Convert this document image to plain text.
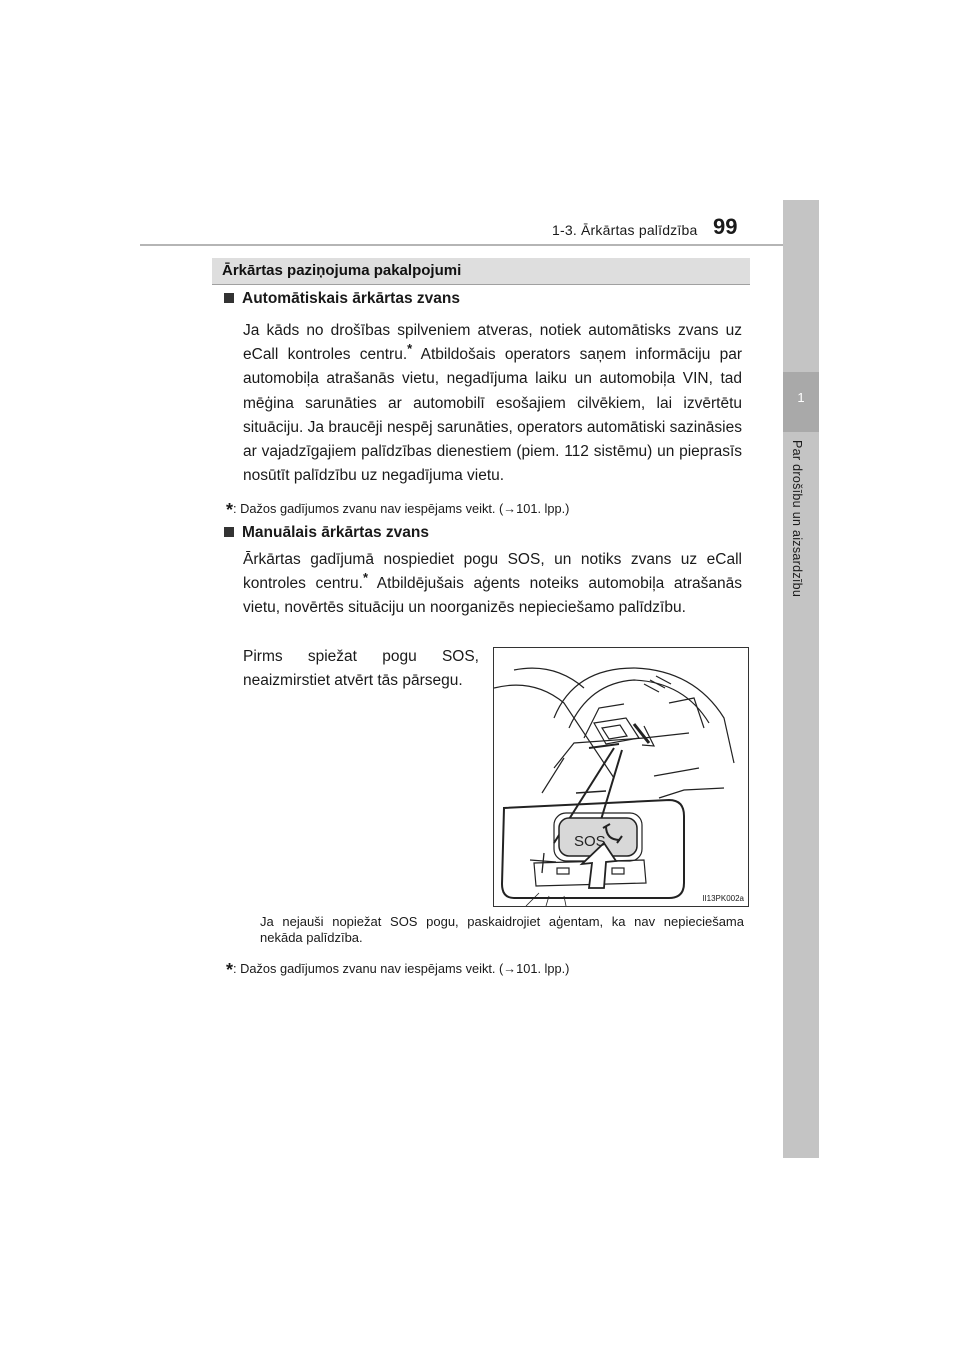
1-3. Ārkārtas palīdzība 99
1
Par drošību un aizsardzību
Ārkārtas paziņojuma pakalpojumi
Automātiskais ārkārtas zvans
Ja kāds no drošības spilveniem atveras, notiek automātisks zvans uz eCall kontroles centru.* Atbildošais operators saņem informāciju par automobiļa atrašanās vietu, negadījuma laiku un automobiļa VIN, tad mēģina sarunāties ar automobilī esošajiem cilvēkiem, lai izvērtētu situāciju. Ja braucēji nespēj sarunāties, operators automātiski sazināsies ar vajadzīgajiem palīdzības dienestiem (piem. 112 sistēmu) un pieprasīs nosūtīt palīdzību uz negadījuma vietu.
*: Dažos gadījumos zvanu nav iespējams veikt. (→101. lpp.)
Manuālais ārkārtas zvans
Ārkārtas gadījumā nospiediet pogu SOS, un notiks zvans uz eCall kontroles centru.* Atbildējušais aģents noteiks automobiļa atrašanās vietu, novērtēs situāciju un noorganizēs nepieciešamo palīdzību.
Pirms spiežat pogu SOS, neaizmirstiet atvērt tās pārsegu.
SOS
II13PK002a
Ja nejauši nopiežat SOS pogu, paskaidrojiet aģentam, ka nav nepieciešama nekāda palīdzība.
*: Dažos gadījumos zvanu nav iespējams veikt. (→101. lpp.)
